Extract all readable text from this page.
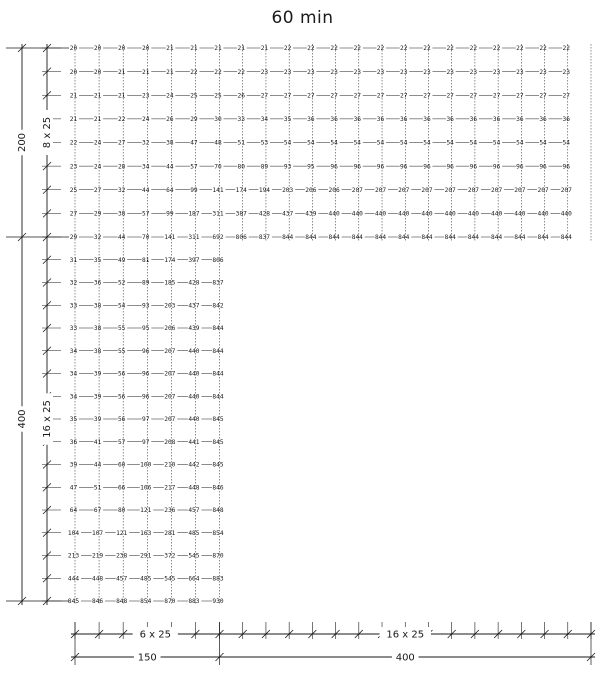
60 min
20	20	20	20	21	21	21	21	21	22	22	22	22	22	22	22	22	22	22	22	22	22
20	20	21	21	21	22	22	22	23	23	23	23	23	23	23	23	23	23	23	23	23	23
21	21	21	23	24	25	25	26	27	27	27	27	27	27	27	27	27	27	27	27	27	27
21	21	22	24	26	29	30	33	34	35	36	36	36	36	36	36	36	36	36	36	36	36
22	24	27	32	38	47	48	51	53	54	54	54	54	54	54	54	54	54	54	54	54	54
23	24	28	34	44	57	70	80	89	93	95	96	96	96	96	96	96	96	96	96	96	96
25	27	32	44	64	99 141 174 194 203 206 206 207 207 207 207 207 207 207 207 207 207
27	29	38	57	99 187 311 387 428 437 439 440 440 440 440 440 440 440 440 440 440 440
29	32	44	70 141 311 692 806 837 844 844 844 844 844 844 844 844 844 844 844 844 844
31	35	49	81 174 397 806
32	36	52	89 185 428 837
33	38	54	93 203 437 842
33	38	55	95 206 439 844
34	38	55	96 207 440 844
34	39	56	96 207 440 844
34	39	56	96 207 440 844
35	39	56	97 207 440 845
36	41	57	97 208 441 845
39	44	60 100 210 442 845
47	51	66 106 217 448 846
64	67	80 121 236 457 848
104 107 121 163 281 485 854
213 219 238 291 372 545 870
444 448 457 485 545 664 883
845 846 848 854 870 883 930
200 8 x 25
400 16 x 25
6 x 25	16 x 25
150	400
